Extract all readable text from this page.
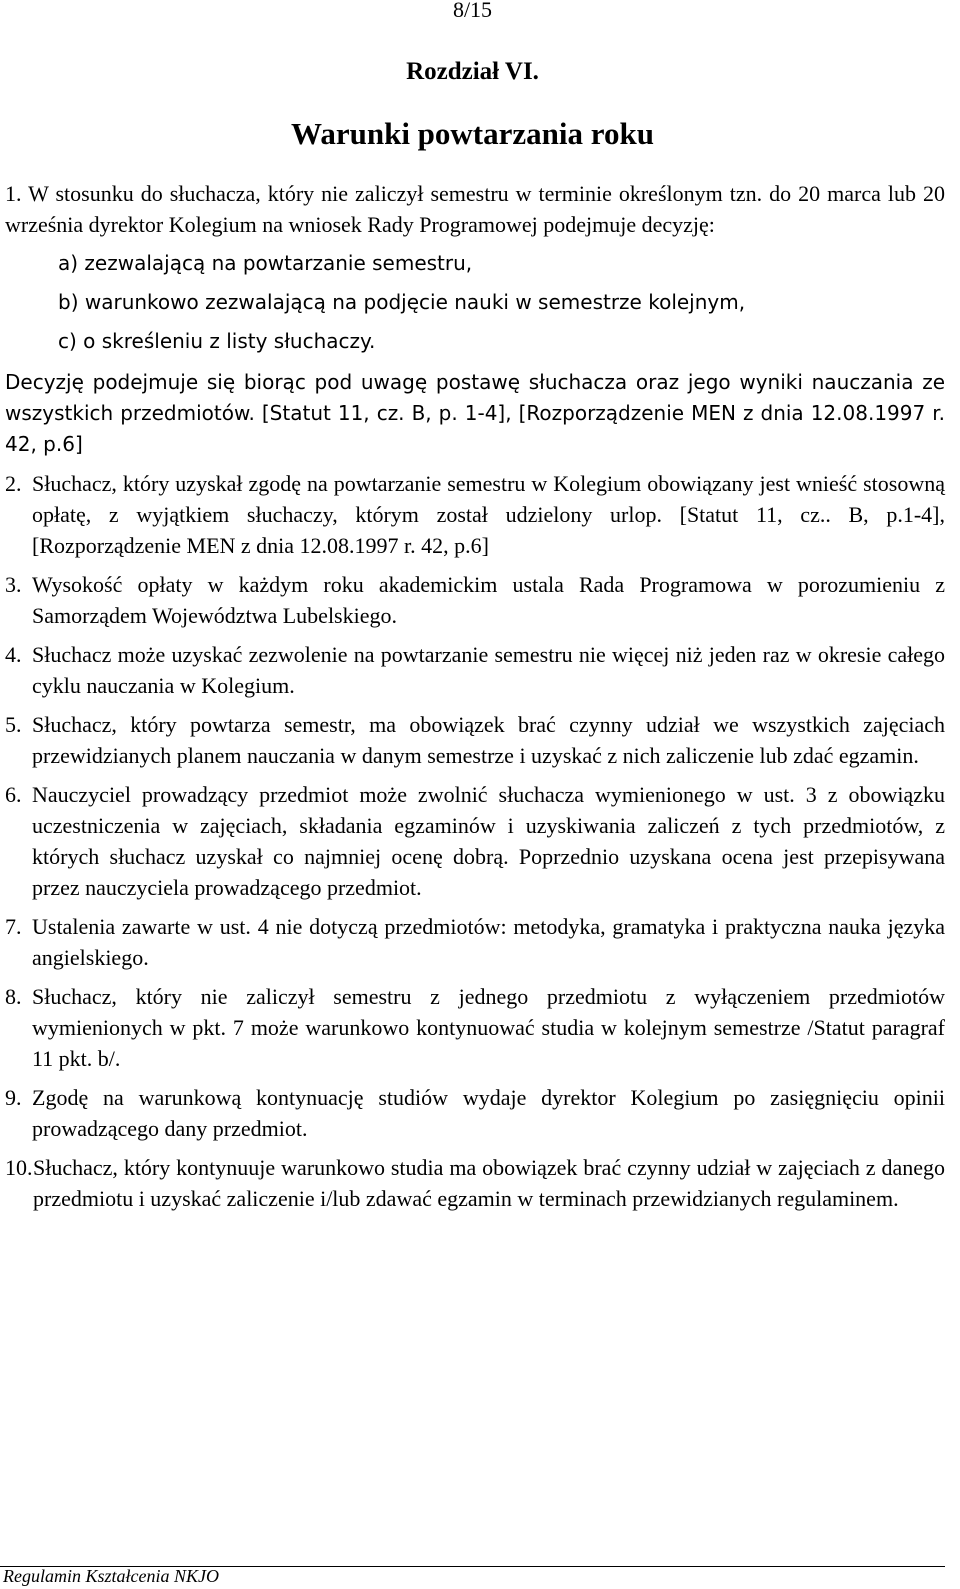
8/15
Rozdział VI.
Warunki powtarzania roku
1. W stosunku do słuchacza, który nie zaliczył semestru w terminie określonym tzn. do 20 marca lub 20 września dyrektor Kolegium na wniosek Rady Programowej podejmuje decyzję:
a) zezwalającą na powtarzanie semestru,
b) warunkowo zezwalającą na podjęcie nauki w semestrze kolejnym,
c) o skreśleniu z listy słuchaczy.
Decyzję podejmuje się biorąc pod uwagę postawę słuchacza oraz jego wyniki nauczania ze wszystkich przedmiotów. [Statut 11, cz. B, p. 1-4], [Rozporządzenie MEN z dnia 12.08.1997 r. 42, p.6]
2. Słuchacz, który uzyskał zgodę na powtarzanie semestru w Kolegium obowiązany jest wnieść stosowną opłatę, z wyjątkiem słuchaczy, którym został udzielony urlop. [Statut 11, cz.. B, p.1-4], [Rozporządzenie MEN z dnia 12.08.1997 r. 42, p.6]
3. Wysokość opłaty w każdym roku akademickim ustala Rada Programowa w porozumieniu z Samorządem Województwa Lubelskiego.
4. Słuchacz może uzyskać zezwolenie na powtarzanie semestru nie więcej niż jeden raz w okresie całego cyklu nauczania w Kolegium.
5. Słuchacz, który powtarza semestr, ma obowiązek brać czynny udział we wszystkich zajęciach przewidzianych planem nauczania w danym semestrze i uzyskać z nich zaliczenie lub zdać egzamin.
6. Nauczyciel prowadzący przedmiot może zwolnić słuchacza wymienionego w ust. 3 z obowiązku uczestniczenia w zajęciach, składania egzaminów i uzyskiwania zaliczeń z tych przedmiotów, z których słuchacz uzyskał co najmniej ocenę dobrą. Poprzednio uzyskana ocena jest przepisywana przez nauczyciela prowadzącego przedmiot.
7. Ustalenia zawarte w ust. 4 nie dotyczą przedmiotów: metodyka, gramatyka i praktyczna nauka języka angielskiego.
8. Słuchacz, który nie zaliczył semestru z jednego przedmiotu z wyłączeniem przedmiotów wymienionych w pkt. 7 może warunkowo kontynuować studia w kolejnym semestrze /Statut paragraf 11 pkt. b/.
9. Zgodę na warunkową kontynuację studiów wydaje dyrektor Kolegium po zasięgnięciu opinii prowadzącego dany przedmiot.
10. Słuchacz, który kontynuuje warunkowo studia ma obowiązek brać czynny udział w zajęciach z danego przedmiotu i uzyskać zaliczenie i/lub zdawać egzamin w terminach przewidzianych regulaminem.
Regulamin Kształcenia NKJO
